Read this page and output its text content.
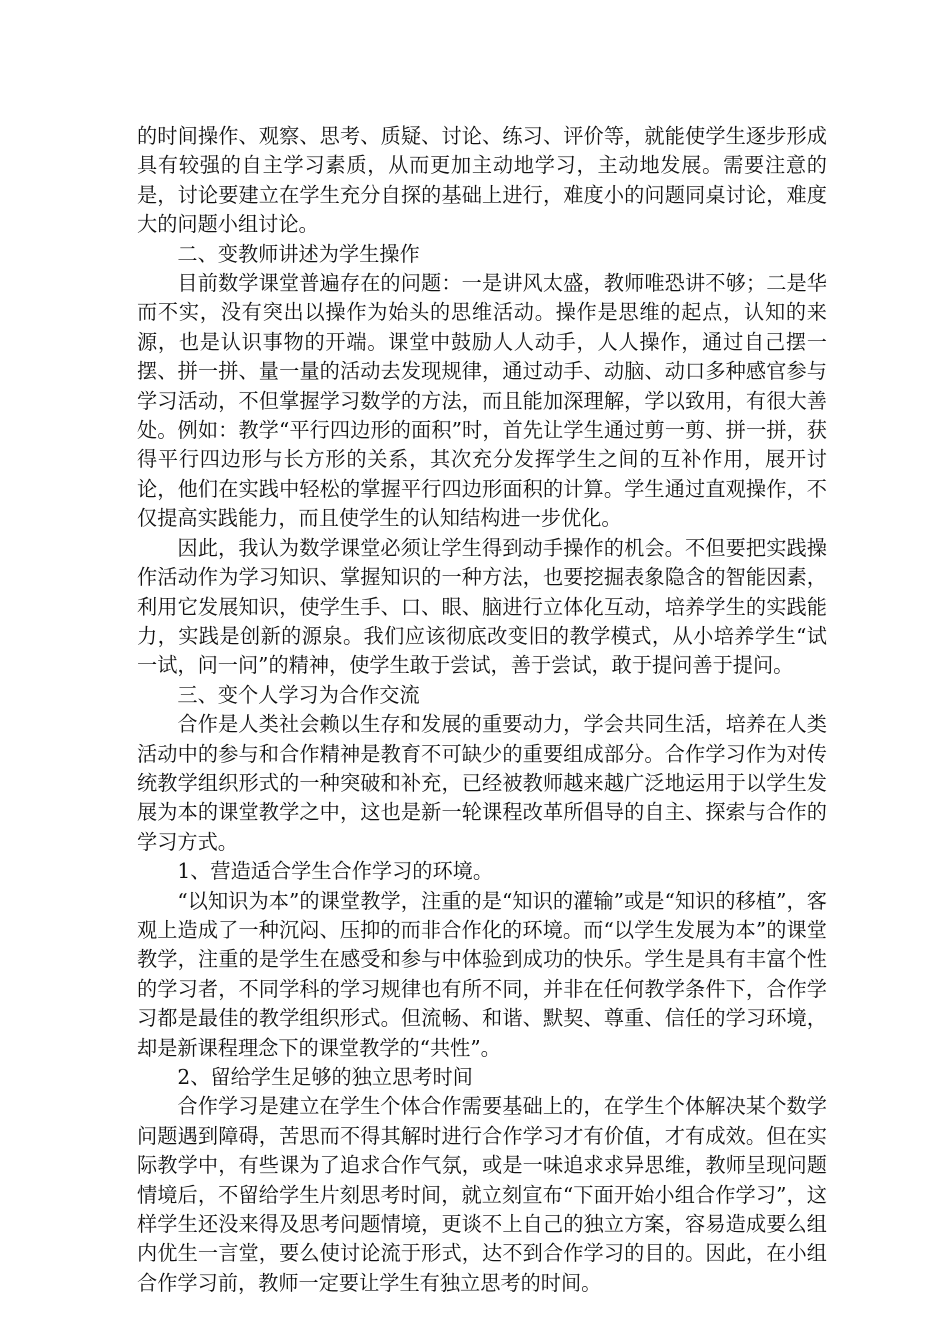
的时间操作、观察、思考、质疑、讨论、练习、评价等，就能使学生逐步形成具有较强的自主学习素质，从而更加主动地学习，主动地发展。需要注意的是，讨论要建立在学生充分自探的基础上进行，难度小的问题同桌讨论，难度大的问题小组讨论。

二、变教师讲述为学生操作

目前数学课堂普遍存在的问题：一是讲风太盛，教师唯恐讲不够；二是华而不实，没有突出以操作为始头的思维活动。操作是思维的起点，认知的来源，也是认识事物的开端。课堂中鼓励人人动手，人人操作，通过自己摆一摆、拼一拼、量一量的活动去发现规律，通过动手、动脑、动口多种感官参与学习活动，不但掌握学习数学的方法，而且能加深理解，学以致用，有很大善处。例如：教学“平行四边形的面积”时，首先让学生通过剪一剪、拼一拼，获得平行四边形与长方形的关系，其次充分发挥学生之间的互补作用，展开讨论，他们在实践中轻松的掌握平行四边形面积的计算。学生通过直观操作，不仅提高实践能力，而且使学生的认知结构进一步优化。

因此，我认为数学课堂必须让学生得到动手操作的机会。不但要把实践操作活动作为学习知识、掌握知识的一种方法，也要挖掘表象隐含的智能因素，利用它发展知识，使学生手、口、眼、脑进行立体化互动，培养学生的实践能力，实践是创新的源泉。我们应该彻底改变旧的教学模式，从小培养学生“试一试，问一问”的精神，使学生敢于尝试，善于尝试，敢于提问善于提问。

三、变个人学习为合作交流

合作是人类社会赖以生存和发展的重要动力，学会共同生活，培养在人类活动中的参与和合作精神是教育不可缺少的重要组成部分。合作学习作为对传统教学组织形式的一种突破和补充，已经被教师越来越广泛地运用于以学生发展为本的课堂教学之中，这也是新一轮课程改革所倡导的自主、探索与合作的学习方式。

1、营造适合学生合作学习的环境。

“以知识为本”的课堂教学，注重的是“知识的灌输”或是“知识的移植”，客观上造成了一种沉闷、压抑的而非合作化的环境。而“以学生发展为本”的课堂教学，注重的是学生在感受和参与中体验到成功的快乐。学生是具有丰富个性的学习者，不同学科的学习规律也有所不同，并非在任何教学条件下，合作学习都是最佳的教学组织形式。但流畅、和谐、默契、尊重、信任的学习环境，却是新课程理念下的课堂教学的“共性”。

2、留给学生足够的独立思考时间

合作学习是建立在学生个体合作需要基础上的，在学生个体解决某个数学问题遇到障碍，苦思而不得其解时进行合作学习才有价值，才有成效。但在实际教学中，有些课为了追求合作气氛，或是一味追求求异思维，教师呈现问题情境后，不留给学生片刻思考时间，就立刻宣布“下面开始小组合作学习”，这样学生还没来得及思考问题情境，更谈不上自己的独立方案，容易造成要么组内优生一言堂，要么使讨论流于形式，达不到合作学习的目的。因此，在小组合作学习前，教师一定要让学生有独立思考的时间。
